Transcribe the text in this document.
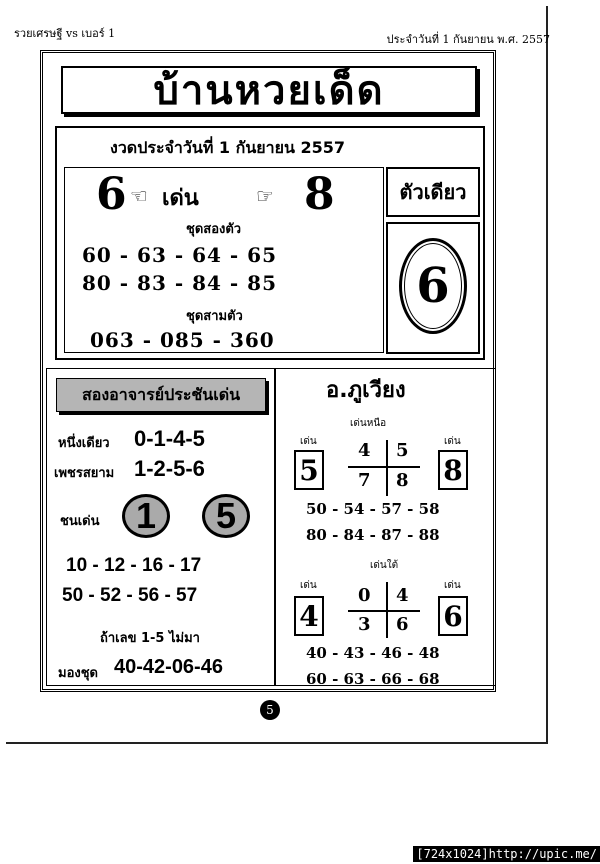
รวยเศรษฐี vs เบอร์ 1	ประจำวันที่ 1 กันยายน พ.ศ. 2557
บ้านหวยเด็ด
งวดประจำวันที่ 1 กันยายน 2557
6 ☜ เด่น	☞ 8
ชุดสองตัว
60 - 63 - 64 - 65
80 - 83 - 84 - 85
ชุดสามตัว
063 - 085 - 360
ตัวเดียว
6
สองอาจารย์ประชันเด่น
หนึ่งเดียว 0-1-4-5
เพชรสยาม 1-2-5-6
ชนเด่น	1	5
10 - 12 - 16 - 17
50 - 52 - 56 - 57
ถ้าเลข 1-5 ไม่มา
มองชุด 40-42-06-46
อ.ภูเวียง
เด่นหนือ
เด่น	เด่น
5	8
4 5
7 8
50 - 54 - 57 - 58
80 - 84 - 87 - 88
เด่นใต้
เด่น	เด่น
4	6
0 4
3 6
40 - 43 - 46 - 48
60 - 63 - 66 - 68
5
[724x1024]http://upic.me/
